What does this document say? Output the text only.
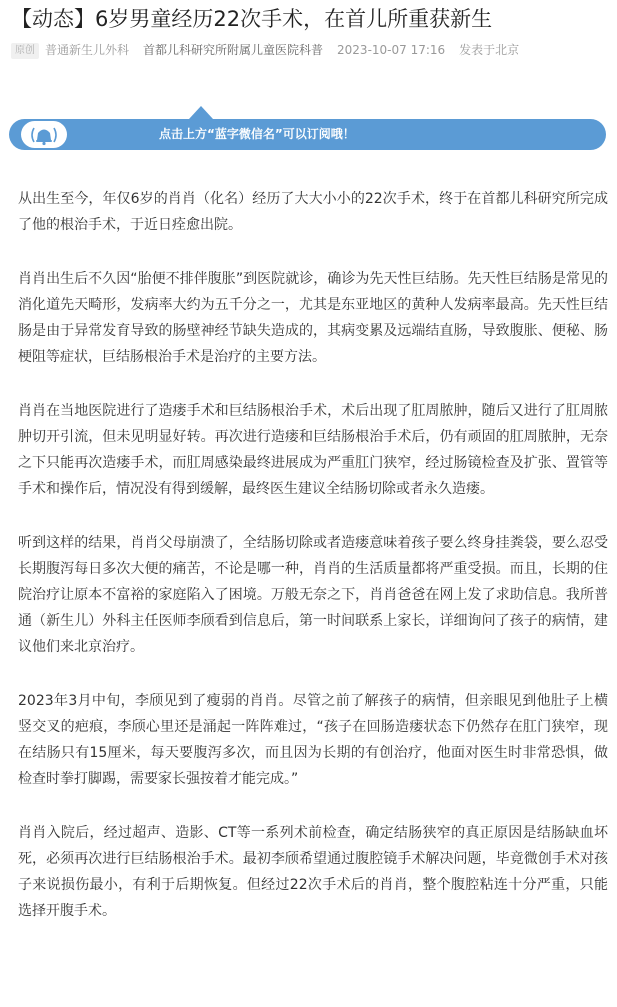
【动态】6岁男童经历22次手术，在首儿所重获新生
原创 普通新生儿外科 首都儿科研究所附属儿童医院科普 2023-10-07 17:16 发表于北京
点击上方“蓝字微信名”可以订阅哦！

从出生至今，年仅6岁的肖肖（化名）经历了大大小小的22次手术，终于在首都儿科研究所完成了他的根治手术，于近日痊愈出院。

肖肖出生后不久因“胎便不排伴腹胀”到医院就诊，确诊为先天性巨结肠。先天性巨结肠是常见的消化道先天畸形，发病率大约为五千分之一，尤其是东亚地区的黄种人发病率最高。先天性巨结肠是由于异常发育导致的肠壁神经节缺失造成的，其病变累及远端结直肠，导致腹胀、便秘、肠梗阻等症状，巨结肠根治手术是治疗的主要方法。

肖肖在当地医院进行了造瘘手术和巨结肠根治手术，术后出现了肛周脓肿，随后又进行了肛周脓肿切开引流，但未见明显好转。再次进行造瘘和巨结肠根治手术后，仍有顽固的肛周脓肿，无奈之下只能再次造瘘手术，而肛周感染最终进展成为严重肛门狭窄，经过肠镜检查及扩张、置管等手术和操作后，情况没有得到缓解，最终医生建议全结肠切除或者永久造瘘。

听到这样的结果，肖肖父母崩溃了，全结肠切除或者造瘘意味着孩子要么终身挂粪袋，要么忍受长期腹泻每日多次大便的痛苦，不论是哪一种，肖肖的生活质量都将严重受损。而且，长期的住院治疗让原本不富裕的家庭陷入了困境。万般无奈之下，肖肖爸爸在网上发了求助信息。我所普通（新生儿）外科主任医师李颀看到信息后，第一时间联系上家长，详细询问了孩子的病情，建议他们来北京治疗。

2023年3月中旬，李颀见到了瘦弱的肖肖。尽管之前了解孩子的病情，但亲眼见到他肚子上横竖交叉的疤痕，李颀心里还是涌起一阵阵难过，“孩子在回肠造瘘状态下仍然存在肛门狭窄，现在结肠只有15厘米，每天要腹泻多次，而且因为长期的有创治疗，他面对医生时非常恐惧，做检查时拳打脚踢，需要家长强按着才能完成。”

肖肖入院后，经过超声、造影、CT等一系列术前检查，确定结肠狭窄的真正原因是结肠缺血坏死，必须再次进行巨结肠根治手术。最初李颀希望通过腹腔镜手术解决问题，毕竟微创手术对孩子来说损伤最小，有利于后期恢复。但经过22次手术后的肖肖，整个腹腔粘连十分严重，只能选择开腹手术。
